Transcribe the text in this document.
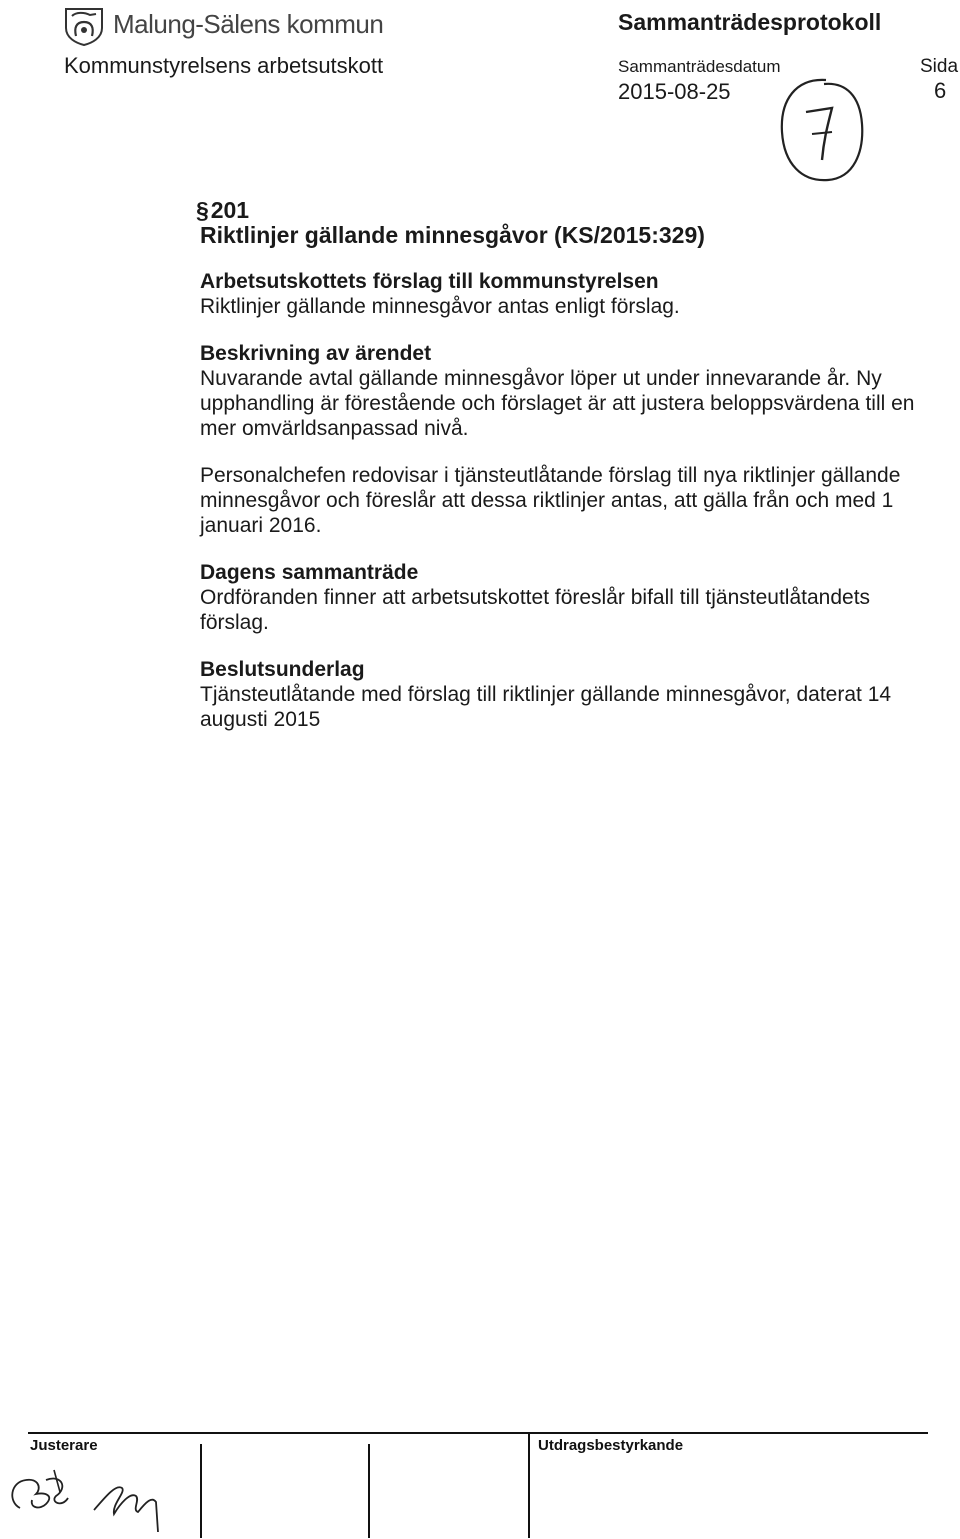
Malung-Sälens kommun	Sammanträdesprotokoll
Kommunstyrelsens arbetsutskott	Sammanträdesdatum
2015-08-25
Sida
6
§ 201
Riktlinjer gällande minnesgåvor (KS/2015:329)
Arbetsutskottets förslag till kommunstyrelsen

Riktlinjer gällande minnesgåvor antas enligt förslag.

Beskrivning av ärendet

Nuvarande avtal gällande minnesgåvor löper ut under innevarande år. Ny upphandling är förestående och förslaget är att justera beloppsvärdena till en mer omvärldsanpassad nivå.

Personalchefen redovisar i tjänsteutlåtande förslag till nya riktlinjer gällande minnesgåvor och föreslår att dessa riktlinjer antas, att gälla från och med 1 januari 2016.

Dagens sammanträde

Ordföranden finner att arbetsutskottet föreslår bifall till tjänsteutlåtandets förslag.

Beslutsunderlag

Tjänsteutlåtande med förslag till riktlinjer gällande minnesgåvor, daterat 14 augusti 2015

Justerare	Utdragsbestyrkande
